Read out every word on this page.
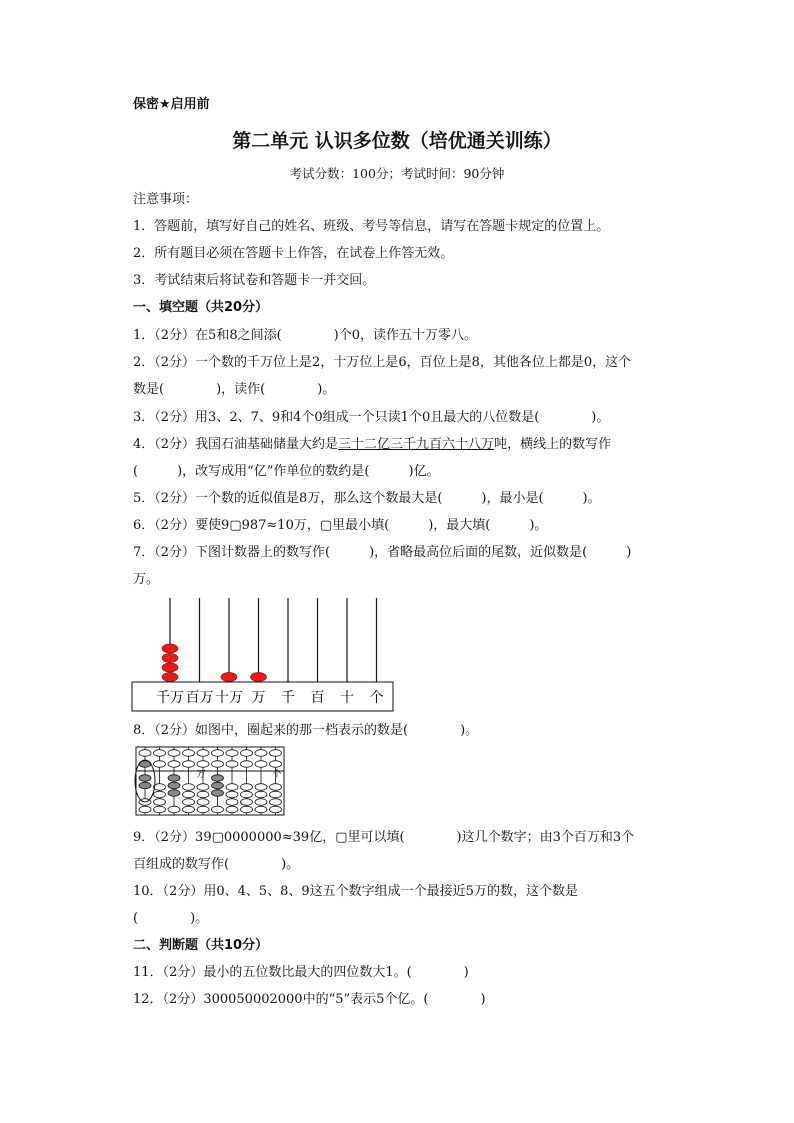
保密★启用前
第二单元 认识多位数（培优通关训练）
考试分数：100分；考试时间：90分钟
注意事项：
1．答题前，填写好自己的姓名、班级、考号等信息，请写在答题卡规定的位置上。
2．所有题目必须在答题卡上作答，在试卷上作答无效。
3．考试结束后将试卷和答题卡一并交回。
一、填空题（共20分）
1．（2分）在5和8之间添(　　　　)个0，读作五十万零八。
2．（2分）一个数的千万位上是2，十万位上是6，百位上是8，其他各位上都是0，这个
数是(　　　　)，读作(　　　　)。
3．（2分）用3、2、7、9和4个0组成一个只读1个0且最大的八位数是(　　　　)。
4．（2分）我国石油基础储量大约是三十二亿三千九百六十八万吨，横线上的数写作
(　　　)，改写成用“亿”作单位的数约是(　　　)亿。
5．（2分）一个数的近似值是8万，那么这个数最大是(　　　)，最小是(　　　)。
6．（2分）要使9▢987≈10万，▢里最小填(　　　)，最大填(　　　)。
7．（2分）下图计数器上的数写作(　　　)，省略最高位后面的尾数，近似数是(　　　)
万。
千万 百万 十万 万 千 百 十 个
8．（2分）如图中，圈起来的那一档表示的数是(　　　　)。
万	个
9．（2分）39▢0000000≈39亿，▢里可以填(　　　　)这几个数字；由3个百万和3个
百组成的数写作(　　　　)。
10．（2分）用0、4、5、8、9这五个数字组成一个最接近5万的数，这个数是
(　　　　)。
二、判断题（共10分）
11．（2分）最小的五位数比最大的四位数大1。(　　　　)
12．（2分）300050002000中的“5”表示5个亿。(　　　　)
